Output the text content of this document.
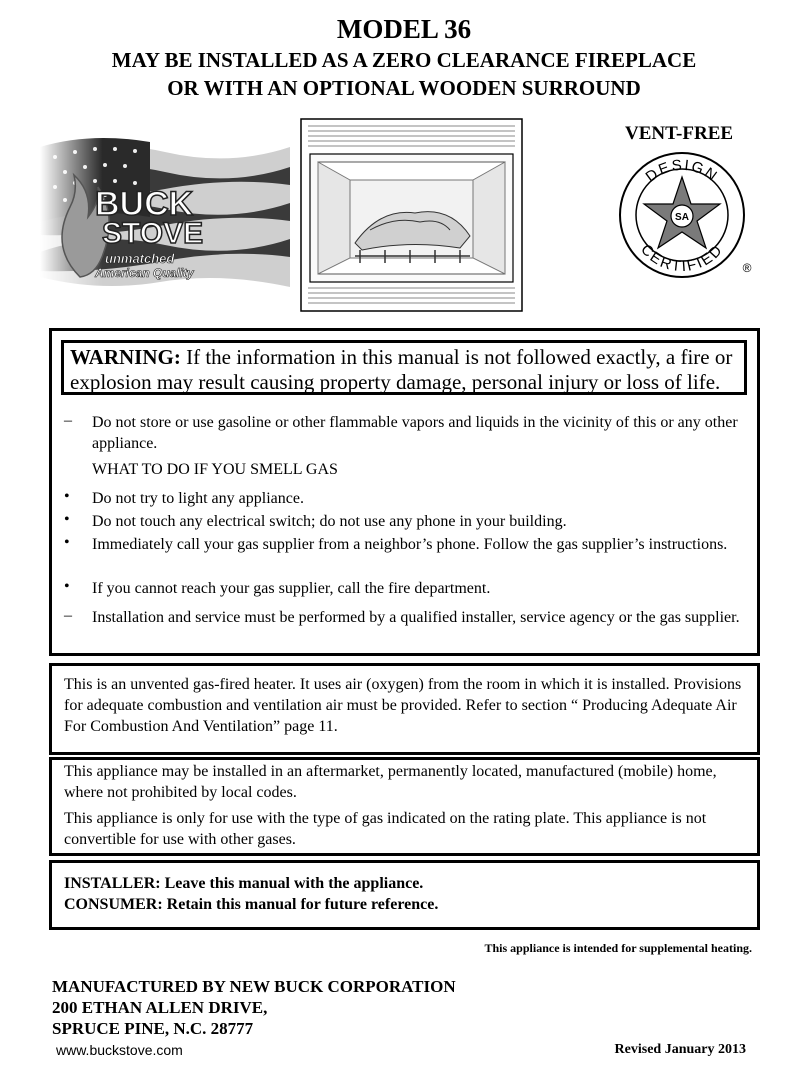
MODEL 36
MAY BE INSTALLED AS A ZERO CLEARANCE FIREPLACE
OR WITH AN OPTIONAL WOODEN SURROUND
BUCK
STOVE
unmatched
American Quality
VENT-FREE
DESIGN
CERTIFIED
SA
®
WARNING: If the information in this manual is not followed exactly, a fire or explosion may result causing property damage, personal injury or loss of life.
– Do not store or use gasoline or other flammable vapors and liquids in the vicinity of this or any other appliance.
WHAT TO DO IF YOU SMELL GAS
• Do not try to light any appliance.
• Do not touch any electrical switch; do not use any phone in your building.
• Immediately call your gas supplier from a neighbor’s phone. Follow the gas supplier’s instructions.
• If you cannot reach your gas supplier, call the fire department.
– Installation and service must be performed by a qualified installer, service agency or the gas supplier.
This is an unvented gas-fired heater. It uses air (oxygen) from the room in which it is installed. Provisions for adequate combustion and ventilation air must be provided. Refer to section “ Producing Adequate Air For Combustion And Ventilation” page 11.
This appliance may be installed in an aftermarket, permanently located, manufactured (mobile) home, where not prohibited by local codes.
This appliance is only for use with the type of gas indicated on the rating plate. This appliance is not convertible for use with other gases.
INSTALLER: Leave this manual with the appliance.
CONSUMER: Retain this manual for future reference.
This appliance is intended for supplemental heating.
MANUFACTURED BY NEW BUCK CORPORATION
200 ETHAN ALLEN DRIVE,
SPRUCE PINE, N.C. 28777
www.buckstove.com	Revised January 2013
